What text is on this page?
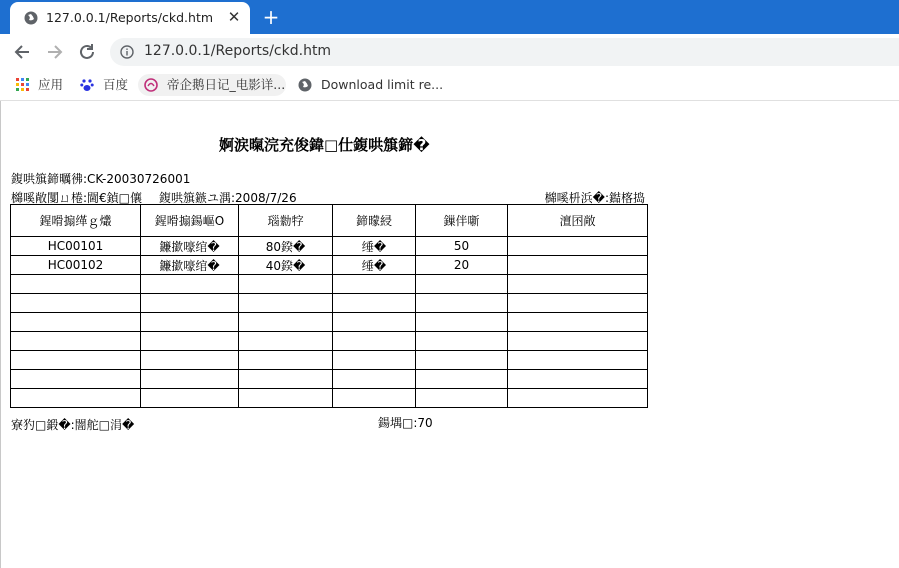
127.0.0.1/Reports/ckd.htm ✕ +
127.0.0.1/Reports/ckd.htm
应用	百度	帝企鹅日记_电影详...	Download limit re...
婀涙暣浣充俊鍏□仕鍑哄簱鍗�
鍑哄簱鍗曞彿:CK-20030726001
檰嗘敞闅ㄩ棬:閫€鍞□儴 鍑哄簱鏃ユ湡:2008/7/26	檰嗘枡浜�:鐑楁捣
鍟嗗搧缂ｇ爜	鍟嗗搧鍚嶇О	瑙勬牸	鍗曚綅	鏁伴噺	澶囨敞
HC00101	鐮撳嚎绾�	80鍨�	缍�	50	
HC00102	鐮撳嚎绾�	40鍨�	缍�	20	

寮犳□鍛�:闇舵□涓�	鍚堣□:70
